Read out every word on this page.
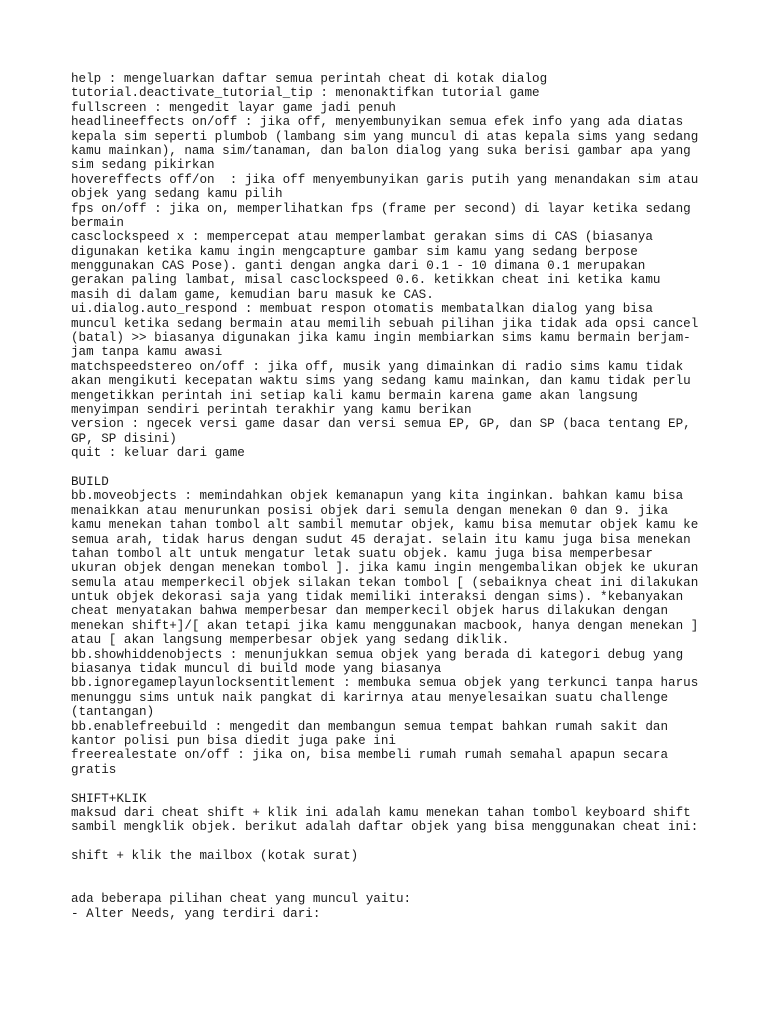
help : mengeluarkan daftar semua perintah cheat di kotak dialog
tutorial.deactivate_tutorial_tip : menonaktifkan tutorial game
fullscreen : mengedit layar game jadi penuh
headlineeffects on/off : jika off, menyembunyikan semua efek info yang ada diatas
kepala sim seperti plumbob (lambang sim yang muncul di atas kepala sims yang sedang
kamu mainkan), nama sim/tanaman, dan balon dialog yang suka berisi gambar apa yang
sim sedang pikirkan
hovereffects off/on  : jika off menyembunyikan garis putih yang menandakan sim atau
objek yang sedang kamu pilih
fps on/off : jika on, memperlihatkan fps (frame per second) di layar ketika sedang
bermain
casclockspeed x : mempercepat atau memperlambat gerakan sims di CAS (biasanya
digunakan ketika kamu ingin mengcapture gambar sim kamu yang sedang berpose
menggunakan CAS Pose). ganti dengan angka dari 0.1 - 10 dimana 0.1 merupakan
gerakan paling lambat, misal casclockspeed 0.6. ketikkan cheat ini ketika kamu
masih di dalam game, kemudian baru masuk ke CAS.
ui.dialog.auto_respond : membuat respon otomatis membatalkan dialog yang bisa
muncul ketika sedang bermain atau memilih sebuah pilihan jika tidak ada opsi cancel
(batal) >> biasanya digunakan jika kamu ingin membiarkan sims kamu bermain berjam-
jam tanpa kamu awasi
matchspeedstereo on/off : jika off, musik yang dimainkan di radio sims kamu tidak
akan mengikuti kecepatan waktu sims yang sedang kamu mainkan, dan kamu tidak perlu
mengetikkan perintah ini setiap kali kamu bermain karena game akan langsung
menyimpan sendiri perintah terakhir yang kamu berikan
version : ngecek versi game dasar dan versi semua EP, GP, dan SP (baca tentang EP,
GP, SP disini)
quit : keluar dari game
BUILD
bb.moveobjects : memindahkan objek kemanapun yang kita inginkan. bahkan kamu bisa
menaikkan atau menurunkan posisi objek dari semula dengan menekan 0 dan 9. jika
kamu menekan tahan tombol alt sambil memutar objek, kamu bisa memutar objek kamu ke
semua arah, tidak harus dengan sudut 45 derajat. selain itu kamu juga bisa menekan
tahan tombol alt untuk mengatur letak suatu objek. kamu juga bisa memperbesar
ukuran objek dengan menekan tombol ]. jika kamu ingin mengembalikan objek ke ukuran
semula atau memperkecil objek silakan tekan tombol [ (sebaiknya cheat ini dilakukan
untuk objek dekorasi saja yang tidak memiliki interaksi dengan sims). *kebanyakan
cheat menyatakan bahwa memperbesar dan memperkecil objek harus dilakukan dengan
menekan shift+]/[ akan tetapi jika kamu menggunakan macbook, hanya dengan menekan ]
atau [ akan langsung memperbesar objek yang sedang diklik.
bb.showhiddenobjects : menunjukkan semua objek yang berada di kategori debug yang
biasanya tidak muncul di build mode yang biasanya
bb.ignoregameplayunlocksentitlement : membuka semua objek yang terkunci tanpa harus
menunggu sims untuk naik pangkat di karirnya atau menyelesaikan suatu challenge
(tantangan)
bb.enablefreebuild : mengedit dan membangun semua tempat bahkan rumah sakit dan
kantor polisi pun bisa diedit juga pake ini
freerealestate on/off : jika on, bisa membeli rumah rumah semahal apapun secara
gratis
SHIFT+KLIK
maksud dari cheat shift + klik ini adalah kamu menekan tahan tombol keyboard shift
sambil mengklik objek. berikut adalah daftar objek yang bisa menggunakan cheat ini:
shift + klik the mailbox (kotak surat)
ada beberapa pilihan cheat yang muncul yaitu:
- Alter Needs, yang terdiri dari:
